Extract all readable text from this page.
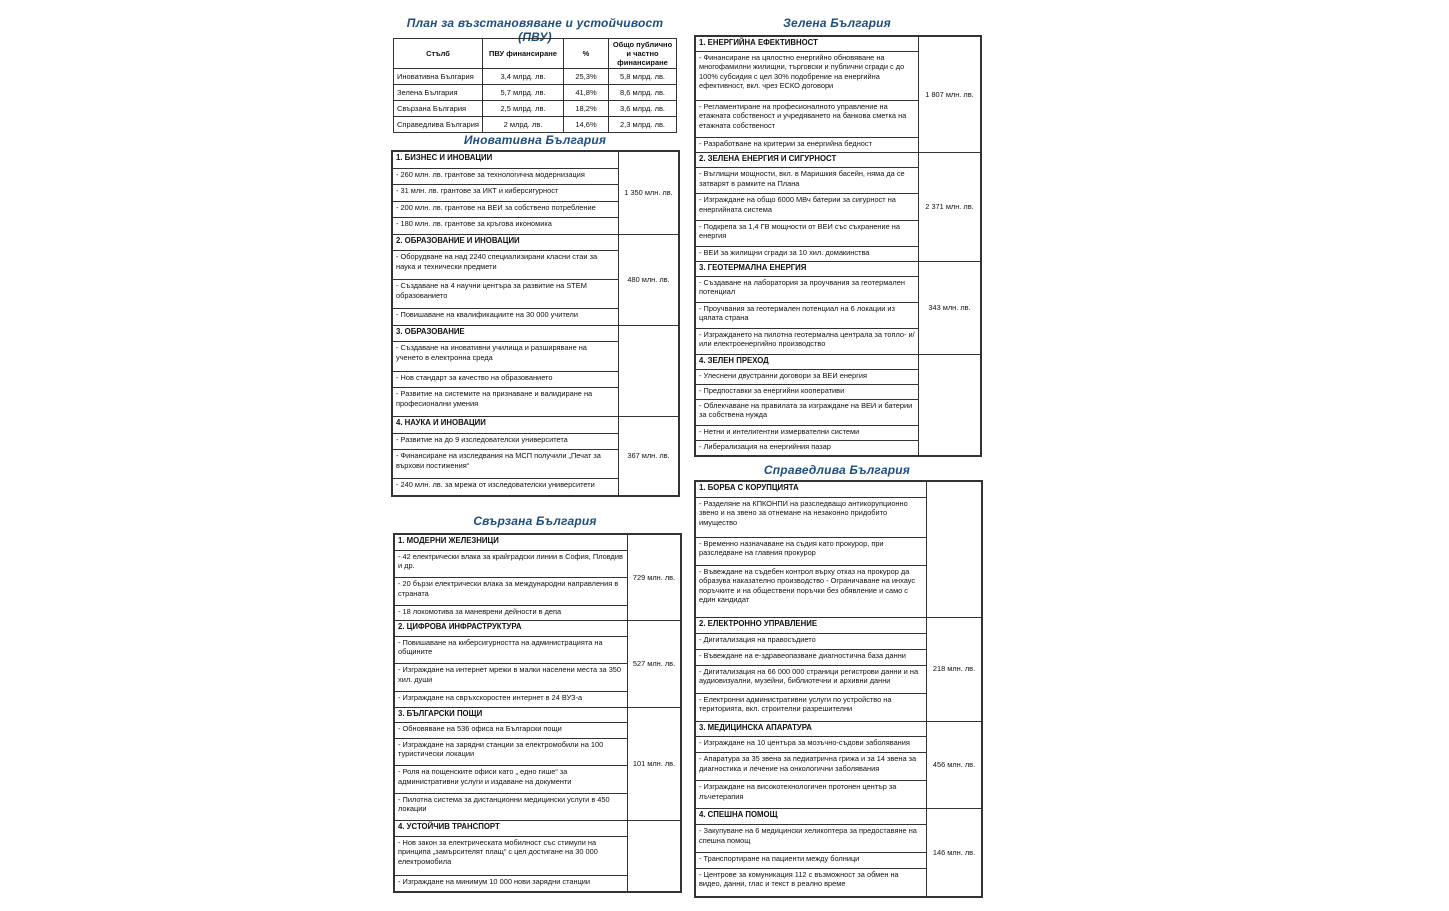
План за възстановяване и устойчивост (ПВУ)
Иновативна България
Свързана България
Зелена България
Справедлива България
Стълб	ПВУ финансиране	%	Общо публично и частно финансиране
Иновативна България	3,4 млрд. лв.	25,3%	5,8 млрд. лв.
Зелена България	5,7 млрд. лв.	41,8%	8,6 млрд. лв.
Свързана България	2,5 млрд. лв.	18,2%	3,6 млрд. лв.
Справедлива България	2 млрд. лв.	14,6%	2,3 млрд. лв.
1. БИЗНЕС И ИНОВАЦИИ	1 350 млн. лв.
- 260 млн. лв. грантове за технологична модернизация	
- 31 млн. лв. грантове за ИКТ и киберсигурност	
- 200 млн. лв. грантове на ВЕИ за собствено потребление	
- 180 млн. лв. грантове за кръгова икономика	
2. ОБРАЗОВАНИЕ И ИНОВАЦИИ	480 млн. лв.
- Оборудване на над 2240 специализирани класни стаи за наука и технически предмети	
- Създаване на 4 научни центъра за развитие на STEM образованието	
- Повишаване на квалификациите на 30 000 учители	
3. ОБРАЗОВАНИЕ	
- Създаване на иновативни училища и разширяване на ученето в електронна среда	
- Нов стандарт за качество на образованието	
- Развитие на системите на признаване и валидиране на професионални умения	
4. НАУКА И ИНОВАЦИИ	367 млн. лв.
- Развитие на до 9 изследователски университета	
- Финансиране на изследвания на МСП получили „Печат за върхови постижения“	
- 240 млн. лв. за мрежа от изследователски университети	
1. МОДЕРНИ ЖЕЛЕЗНИЦИ	729 млн. лв.
- 42 електрически влака за крайградски линии в София, Пловдив и др.	
- 20 бързи електрически влака за международни направления в страната	
- 18 локомотива за маневрени дейности в депа	
2. ЦИФРОВА ИНФРАСТРУКТУРА	527 млн. лв.
- Повишаване на киберсигурността на администрацията на общините	
- Изграждане на интернет мрежи в малки населени места за 350 хил. души	
- Изграждане на свръхскоростен интернет в 24 ВУЗ-а	
3. БЪЛГАРСКИ ПОЩИ	101 млн. лв.
- Обновяване на 536 офиса на Български пощи	
- Изграждане на зарядни станции за електромобили на 100 туристически локации	
- Роля на пощенските офиси като „ едно гише“ за административни услуги и издаване на документи	
- Пилотна система за дистанционни медицински услуги в 450 локации	
4. УСТОЙЧИВ ТРАНСПОРТ	
- Нов закон за електрическата мобилност със стимули на принципа „замърсителят плащ“ с цел достигане на 30 000 електромобила	
- Изграждане на минимум 10 000 нови зарядни станции	
1. ЕНЕРГИЙНА ЕФЕКТИВНОСТ	1 807 млн. лв.
- Финансиране на цялостно енергийно обновяване на многофамилни жилищни, търговски и публични сгради с до 100% субсидия с цел 30% подобрение на енергийна ефективност, вкл. чрез ЕСКО договори	
- Регламентиране на професионалното управление на етажната собственост и учредяването на банкова сметка на етажната собственост	
- Разработване на критерии за енергийна бедност	
2. ЗЕЛЕНА ЕНЕРГИЯ И СИГУРНОСТ	2 371 млн. лв.
- Въглищни мощности, вкл. в Маришкия басейн, няма да се затварят в рамките на Плана	
- Изграждане на общо 6000 МВч батерии за сигурност на енергийната система	
- Подкрепа за 1,4 ГВ мощности от ВЕИ със съхранение на енергия	
- ВЕИ за жилищни сгради за 10 хил. домакинства	
3. ГЕОТЕРМАЛНА ЕНЕРГИЯ	343 млн. лв.
- Създаване на лаборатория за проучвания за геотермален потенциал	
- Проучвания за геотермален потенциал на 6 локации из цялата страна	
- Изграждането на пилотна геотермална централа за топло- и/или електроенергийно производство	
4. ЗЕЛЕН ПРЕХОД	
- Улеснени двустранни договори за ВЕИ енергия	
- Предпоставки за енергийни кооперативи	
- Облекчаване на правилата за изграждане на ВЕИ и батерии за собствена нужда	
- Нетни и интелигентни измервателни системи	
- Либерализация на енергийния пазар	
1. БОРБА С КОРУПЦИЯТА	
- Разделяне на КПКОНПИ на разследващо антикорупционно звено и на звено за отнемане на незаконно придобито имущество	
- Временно назначаване на съдия като прокурор, при разследване на главния прокурор	
- Въвеждане на съдебен контрол върху отказ на прокурор да образува наказателно производство - Ограничаване на инхаус поръчките и на обществени поръчки без обявление и само с един кандидат	
2. ЕЛЕКТРОННО УПРАВЛЕНИЕ	218 млн. лв.
- Дигитализация на правосъдието	
- Въвеждане на е-здравеопазване диагностична база данни	
- Дигитализация на 66 000 000 страници регистрови данни и на аудиовизуални, музейни, библиотечни и архивни данни	
- Електронни административни услуги по устройство на територията, вкл. строителни разрешителни	
3. МЕДИЦИНСКА АПАРАТУРА	456 млн. лв.
- Изграждане на 10 центъра за мозъчно-съдови заболявания	
- Апаратура за 35 звена за педиатрична грижа и за 14 звена за диагностика и лечение на онкологични заболявания	
- Изграждане на високотехнологичен протонен център за лъчетерапия	
4. СПЕШНА ПОМОЩ	146 млн. лв.
- Закупуване на 6 медицински хеликоптера за предоставяне на спешна помощ	
- Транспортиране на пациенти между болници	
- Центрове за комуникация 112 с възможност за обмен на видео, данни, глас и текст в реално време	
